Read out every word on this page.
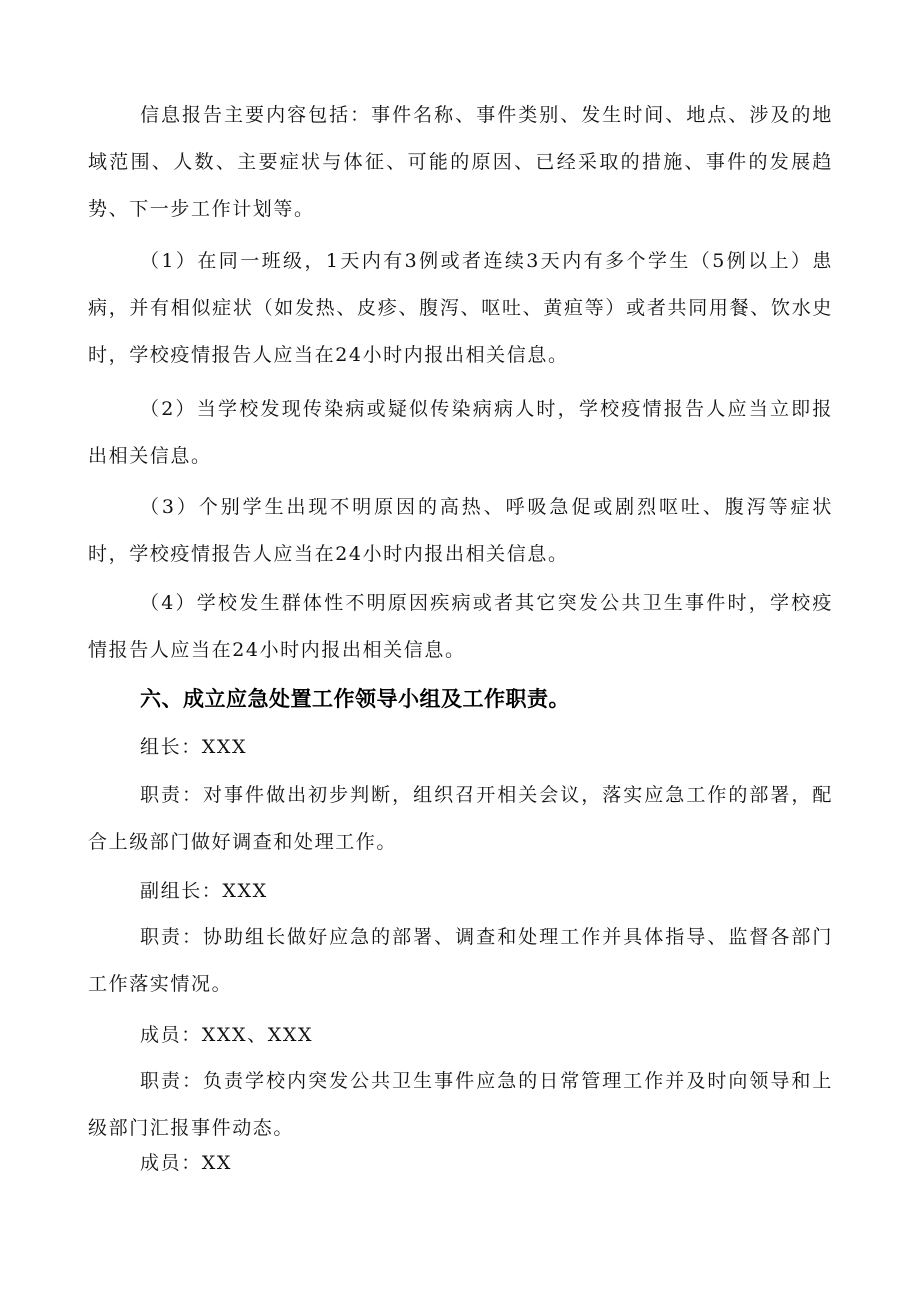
信息报告主要内容包括：事件名称、事件类别、发生时间、地点、涉及的地域范围、人数、主要症状与体征、可能的原因、已经采取的措施、事件的发展趋势、下一步工作计划等。

（1）在同一班级，1天内有3例或者连续3天内有多个学生（5例以上）患病，并有相似症状（如发热、皮疹、腹泻、呕吐、黄疸等）或者共同用餐、饮水史时，学校疫情报告人应当在24小时内报出相关信息。

（2）当学校发现传染病或疑似传染病病人时，学校疫情报告人应当立即报出相关信息。

（3）个别学生出现不明原因的高热、呼吸急促或剧烈呕吐、腹泻等症状时，学校疫情报告人应当在24小时内报出相关信息。

（4）学校发生群体性不明原因疾病或者其它突发公共卫生事件时，学校疫情报告人应当在24小时内报出相关信息。

六、成立应急处置工作领导小组及工作职责。

组长：XXX

职责：对事件做出初步判断，组织召开相关会议，落实应急工作的部署，配合上级部门做好调查和处理工作。

副组长：XXX

职责：协助组长做好应急的部署、调查和处理工作并具体指导、监督各部门工作落实情况。

成员：XXX、XXX

职责：负责学校内突发公共卫生事件应急的日常管理工作并及时向领导和上级部门汇报事件动态。

成员：XX
